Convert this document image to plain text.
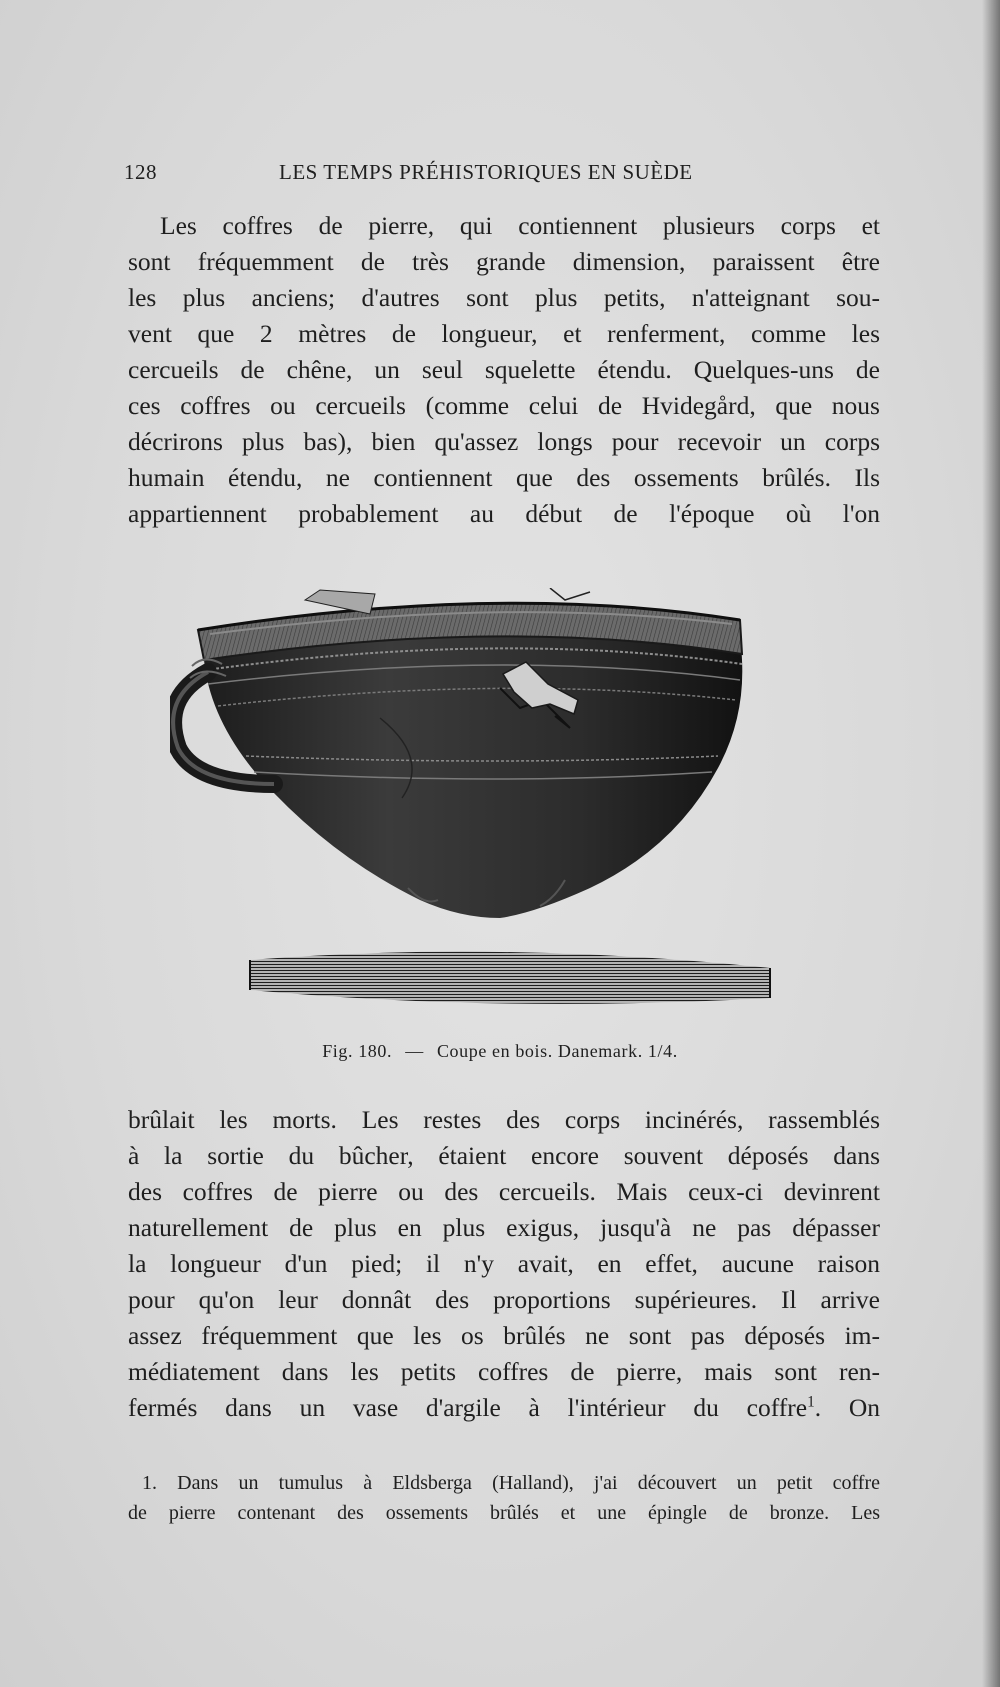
128	LES TEMPS PRÉHISTORIQUES EN SUÈDE
Les coffres de pierre, qui contiennent plusieurs corps et
sont fréquemment de très grande dimension, paraissent être
les plus anciens; d'autres sont plus petits, n'atteignant sou-
vent que 2 mètres de longueur, et renferment, comme les
cercueils de chêne, un seul squelette étendu. Quelques-uns de
ces coffres ou cercueils (comme celui de Hvidegård, que nous
décrirons plus bas), bien qu'assez longs pour recevoir un corps
humain étendu, ne contiennent que des ossements brûlés. Ils
appartiennent probablement au début de l'époque où l'on
Fig. 180. — Coupe en bois. Danemark. 1/4.
brûlait les morts. Les restes des corps incinérés, rassemblés
à la sortie du bûcher, étaient encore souvent déposés dans
des coffres de pierre ou des cercueils. Mais ceux-ci devinrent
naturellement de plus en plus exigus, jusqu'à ne pas dépasser
la longueur d'un pied; il n'y avait, en effet, aucune raison
pour qu'on leur donnât des proportions supérieures. Il arrive
assez fréquemment que les os brûlés ne sont pas déposés im-
médiatement dans les petits coffres de pierre, mais sont ren-
fermés dans un vase d'argile à l'intérieur du coffre$^1$. On
1. Dans un tumulus à Eldsberga (Halland), j'ai découvert un petit coffre
de pierre contenant des ossements brûlés et une épingle de bronze. Les
